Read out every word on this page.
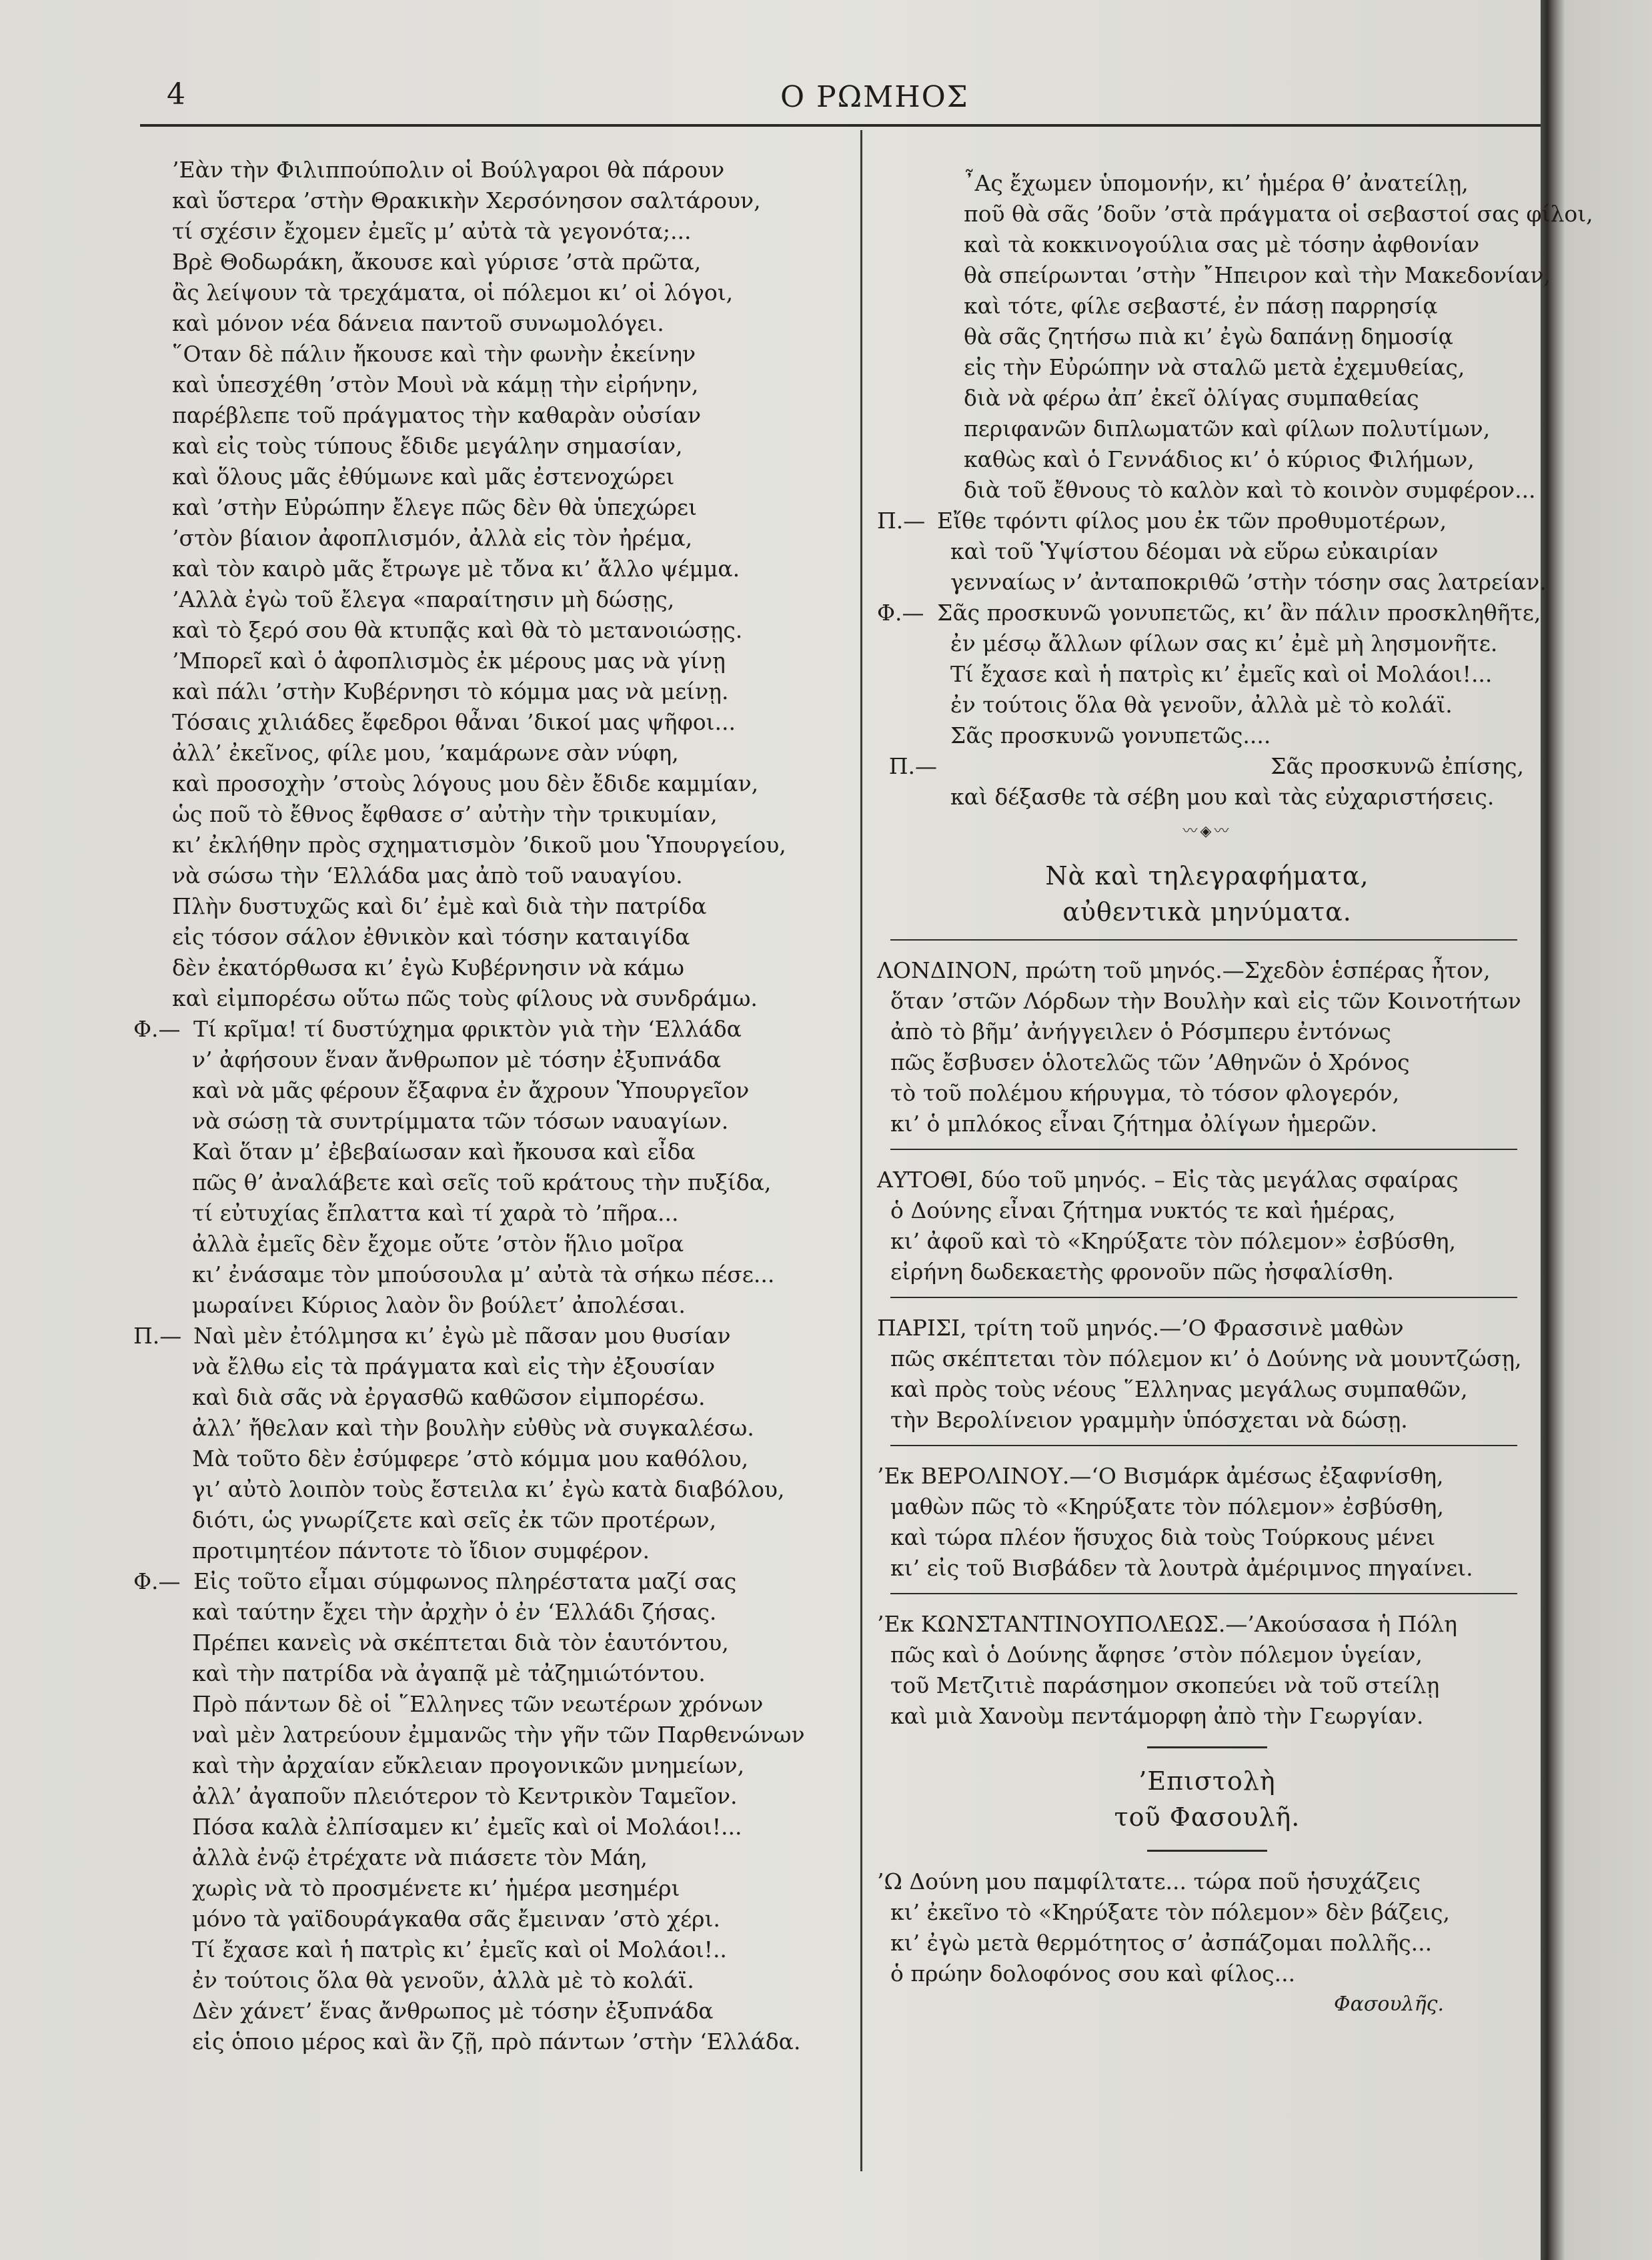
4	Ο ΡΩΜΗΟΣ
’Εὰν τὴν Φιλιππούπολιν οἱ Βούλγαροι θὰ πάρουν
καὶ ὕστερα ’στὴν Θρακικὴν Χερσόνησον σαλτάρουν,
τί σχέσιν ἔχομεν ἐμεῖς μ’ αὐτὰ τὰ γεγονότα;...
Βρὲ Θοδωράκη, ἄκουσε καὶ γύρισε ’στὰ πρῶτα,
ἂς λείψουν τὰ τρεχάματα, οἱ πόλεμοι κι’ οἱ λόγοι,
καὶ μόνον νέα δάνεια παντοῦ συνωμολόγει.
῞Οταν δὲ πάλιν ἤκουσε καὶ τὴν φωνὴν ἐκείνην
καὶ ὑπεσχέθη ’στὸν Μουὶ νὰ κάμῃ τὴν εἰρήνην,
παρέβλεπε τοῦ πράγματος τὴν καθαρὰν οὐσίαν
καὶ εἰς τοὺς τύπους ἔδιδε μεγάλην σημασίαν,
καὶ ὅλους μᾶς ἐθύμωνε καὶ μᾶς ἐστενοχώρει
καὶ ’στὴν Εὐρώπην ἔλεγε πῶς δὲν θὰ ὑπεχώρει
’στὸν βίαιον ἀφοπλισμόν, ἀλλὰ εἰς τὸν ἠρέμα,
καὶ τὸν καιρὸ μᾶς ἔτρωγε μὲ τὄνα κι’ ἄλλο ψέμμα.
’Αλλὰ ἐγὼ τοῦ ἔλεγα «παραίτησιν μὴ δώσῃς,
καὶ τὸ ξερό σου θὰ κτυπᾷς καὶ θὰ τὸ μετανοιώσῃς.
’Μπορεῖ καὶ ὁ ἀφοπλισμὸς ἐκ μέρους μας νὰ γίνῃ
καὶ πάλι ’στὴν Κυβέρνησι τὸ κόμμα μας νὰ μείνῃ.
Τόσαις χιλιάδες ἔφεδροι θἆναι ’δικοί μας ψῆφοι...
ἀλλ’ ἐκεῖνος, φίλε μου, ’καμάρωνε σὰν νύφη,
καὶ προσοχὴν ’στοὺς λόγους μου δὲν ἔδιδε καμμίαν,
ὡς ποῦ τὸ ἔθνος ἔφθασε σ’ αὐτὴν τὴν τρικυμίαν,
κι’ ἐκλήθην πρὸς σχηματισμὸν ’δικοῦ μου Ὑπουργείου,
νὰ σώσω τὴν ‘Ελλάδα μας ἀπὸ τοῦ ναυαγίου.
Πλὴν δυστυχῶς καὶ δι’ ἐμὲ καὶ διὰ τὴν πατρίδα
εἰς τόσον σάλον ἐθνικὸν καὶ τόσην καταιγίδα
δὲν ἐκατόρθωσα κι’ ἐγὼ Κυβέρνησιν νὰ κάμω
καὶ εἰμπορέσω οὕτω πῶς τοὺς φίλους νὰ συνδράμω.
Φ.— Τί κρῖμα! τί δυστύχημα φρικτὸν γιὰ τὴν ‘Ελλάδα
ν’ ἀφήσουν ἕναν ἄνθρωπον μὲ τόσην ἐξυπνάδα
καὶ νὰ μᾶς φέρουν ἔξαφνα ἐν ἄχρουν Ὑπουργεῖον
νὰ σώσῃ τὰ συντρίμματα τῶν τόσων ναυαγίων.
Καὶ ὅταν μ’ ἐβεβαίωσαν καὶ ἤκουσα καὶ εἶδα
πῶς θ’ ἀναλάβετε καὶ σεῖς τοῦ κράτους τὴν πυξίδα,
τί εὐτυχίας ἔπλαττα καὶ τί χαρὰ τὸ ’πῆρα...
ἀλλὰ ἐμεῖς δὲν ἔχομε οὔτε ’στὸν ἥλιο μοῖρα
κι’ ἐνάσαμε τὸν μπούσουλα μ’ αὐτὰ τὰ σήκω πέσε...
μωραίνει Κύριος λαὸν ὃν βούλετ’ ἀπολέσαι.
Π.— Ναὶ μὲν ἐτόλμησα κι’ ἐγὼ μὲ πᾶσαν μου θυσίαν
νὰ ἔλθω εἰς τὰ πράγματα καὶ εἰς τὴν ἐξουσίαν
καὶ διὰ σᾶς νὰ ἐργασθῶ καθῶσον εἰμπορέσω.
ἀλλ’ ἤθελαν καὶ τὴν βουλὴν εὐθὺς νὰ συγκαλέσω.
Μὰ τοῦτο δὲν ἐσύμφερε ’στὸ κόμμα μου καθόλου,
γι’ αὐτὸ λοιπὸν τοὺς ἔστειλα κι’ ἐγὼ κατὰ διαβόλου,
διότι, ὡς γνωρίζετε καὶ σεῖς ἐκ τῶν προτέρων,
προτιμητέον πάντοτε τὸ ἴδιον συμφέρον.
Φ.— Εἰς τοῦτο εἶμαι σύμφωνος πληρέστατα μαζί σας
καὶ ταύτην ἔχει τὴν ἀρχὴν ὁ ἐν ‘Ελλάδι ζήσας.
Πρέπει κανεὶς νὰ σκέπτεται διὰ τὸν ἑαυτόντου,
καὶ τὴν πατρίδα νὰ ἀγαπᾷ μὲ τἀζημιώτόντου.
Πρὸ πάντων δὲ οἱ ῞Ελληνες τῶν νεωτέρων χρόνων
ναὶ μὲν λατρεύουν ἐμμανῶς τὴν γῆν τῶν Παρθενώνων
καὶ τὴν ἀρχαίαν εὔκλειαν προγονικῶν μνημείων,
ἀλλ’ ἀγαποῦν πλειότερον τὸ Κεντρικὸν Ταμεῖον.
Πόσα καλὰ ἐλπίσαμεν κι’ ἐμεῖς καὶ οἱ Μολάοι!...
ἀλλὰ ἐνῷ ἐτρέχατε νὰ πιάσετε τὸν Μάη,
χωρὶς νὰ τὸ προσμένετε κι’ ἡμέρα μεσημέρι
μόνο τὰ γαϊδουράγκαθα σᾶς ἔμειναν ’στὸ χέρι.
Τί ἔχασε καὶ ἡ πατρὶς κι’ ἐμεῖς καὶ οἱ Μολάοι!..
ἐν τούτοις ὅλα θὰ γενοῦν, ἀλλὰ μὲ τὸ κολάϊ.
Δὲν χάνετ’ ἕνας ἄνθρωπος μὲ τόσην ἐξυπνάδα
εἰς ὁποιο μέρος καὶ ἂν ζῇ, πρὸ πάντων ’στὴν ‘Ελλάδα.
῏Ας ἔχωμεν ὑπομονήν, κι’ ἡμέρα θ’ ἀνατείλῃ,
ποῦ θὰ σᾶς ’δοῦν ’στὰ πράγματα οἱ σεβαστοί σας φίλοι,
καὶ τὰ κοκκινογούλια σας μὲ τόσην ἀφθονίαν
θὰ σπείρωνται ’στὴν ῎Ηπειρον καὶ τὴν Μακεδονίαν,
καὶ τότε, φίλε σεβαστέ, ἐν πάσῃ παρρησίᾳ
θὰ σᾶς ζητήσω πιὰ κι’ ἐγὼ δαπάνῃ δημοσίᾳ
εἰς τὴν Εὐρώπην νὰ σταλῶ μετὰ ἐχεμυθείας,
διὰ νὰ φέρω ἀπ’ ἐκεῖ ὀλίγας συμπαθείας
περιφανῶν διπλωματῶν καὶ φίλων πολυτίμων,
καθὼς καὶ ὁ Γεννάδιος κι’ ὁ κύριος Φιλήμων,
διὰ τοῦ ἔθνους τὸ καλὸν καὶ τὸ κοινὸν συμφέρον...
Π.— Εἴθε τφόντι φίλος μου ἐκ τῶν προθυμοτέρων,
καὶ τοῦ Ὑψίστου δέομαι νὰ εὕρω εὐκαιρίαν
γενναίως ν’ ἀνταποκριθῶ ’στὴν τόσην σας λατρείαν.
Φ.— Σᾶς προσκυνῶ γονυπετῶς, κι’ ἂν πάλιν προσκληθῆτε,
ἐν μέσῳ ἄλλων φίλων σας κι’ ἐμὲ μὴ λησμονῆτε.
Τί ἔχασε καὶ ἡ πατρὶς κι’ ἐμεῖς καὶ οἱ Μολάοι!...
ἐν τούτοις ὅλα θὰ γενοῦν, ἀλλὰ μὲ τὸ κολάϊ.
Σᾶς προσκυνῶ γονυπετῶς....
Π.—	Σᾶς προσκυνῶ ἐπίσης,
καὶ δέξασθε τὰ σέβη μου καὶ τὰς εὐχαριστήσεις.
〰◈〰
Νὰ καὶ τηλεγραφήματα,
αὐθεντικὰ μηνύματα.
ΛΟΝΔΙΝΟΝ, πρώτη τοῦ μηνός.—Σχεδὸν ἑσπέρας ἦτον,
ὅταν ’στῶν Λόρδων τὴν Βουλὴν καὶ εἰς τῶν Κοινοτήτων
ἀπὸ τὸ βῆμ’ ἀνήγγειλεν ὁ Ρόσμπερυ ἐντόνως
πῶς ἔσβυσεν ὁλοτελῶς τῶν ’Αθηνῶν ὁ Χρόνος
τὸ τοῦ πολέμου κήρυγμα, τὸ τόσον φλογερόν,
κι’ ὁ μπλόκος εἶναι ζήτημα ὀλίγων ἡμερῶν.
ΑΥΤΟΘΙ, δύο τοῦ μηνός. – Εἰς τὰς μεγάλας σφαίρας
ὁ Δούνης εἶναι ζήτημα νυκτός τε καὶ ἡμέρας,
κι’ ἀφοῦ καὶ τὸ «Κηρύξατε τὸν πόλεμον» ἐσβύσθη,
εἰρήνη δωδεκαετὴς φρονοῦν πῶς ἠσφαλίσθη.
ΠΑΡΙΣΙ, τρίτη τοῦ μηνός.—’Ο Φρασσινὲ μαθὼν
πῶς σκέπτεται τὸν πόλεμον κι’ ὁ Δούνης νὰ μουντζώσῃ,
καὶ πρὸς τοὺς νέους ῞Ελληνας μεγάλως συμπαθῶν,
τὴν Βερολίνειον γραμμὴν ὑπόσχεται νὰ δώσῃ.
’Εκ ΒΕΡΟΛΙΝΟΥ.—‘Ο Βισμάρκ ἀμέσως ἐξαφνίσθη,
μαθὼν πῶς τὸ «Κηρύξατε τὸν πόλεμον» ἐσβύσθη,
καὶ τώρα πλέον ἥσυχος διὰ τοὺς Τούρκους μένει
κι’ εἰς τοῦ Βισβάδεν τὰ λουτρὰ ἀμέριμνος πηγαίνει.
’Εκ ΚΩΝΣΤΑΝΤΙΝΟΥΠΟΛΕΩΣ.—’Ακούσασα ἡ Πόλη
πῶς καὶ ὁ Δούνης ἄφησε ’στὸν πόλεμον ὑγείαν,
τοῦ Μετζιτιὲ παράσημον σκοπεύει νὰ τοῦ στείλῃ
καὶ μιὰ Χανοὺμ πεντάμορφη ἀπὸ τὴν Γεωργίαν.
’Επιστολὴ
τοῦ Φασουλῆ.
’Ω Δούνη μου παμφίλτατε... τώρα ποῦ ἡσυχάζεις
κι’ ἐκεῖνο τὸ «Κηρύξατε τὸν πόλεμον» δὲν βάζεις,
κι’ ἐγὼ μετὰ θερμότητος σ’ ἀσπάζομαι πολλῆς...
ὁ πρώην δολοφόνος σου καὶ φίλος...
Φασουλῆς.
